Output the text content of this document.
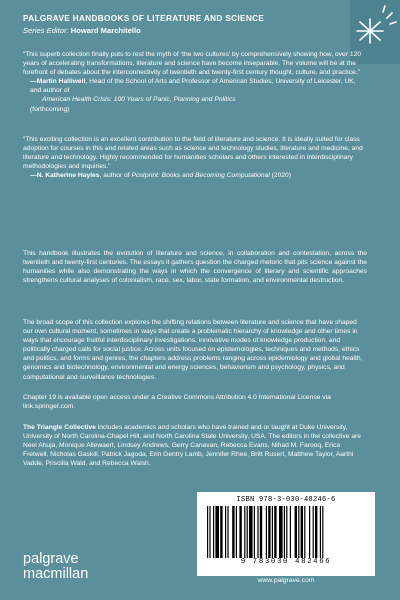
PALGRAVE HANDBOOKS OF LITERATURE AND SCIENCE
Series Editor: Howard Marchitello

“This superb collection finally puts to rest the myth of ‘the two cultures’ by comprehensively showing how, over 120 years of accelerating transformations, literature and science have become inseparable. The volume will be at the forefront of debates about the interconnectivity of twentieth and twenty-first century thought, culture, and practice.”

—Martin Halliwell, Head of the School of Arts and Professor of American Studies, University of Leicester, UK, and author of
American Health Crisis: 100 Years of Panic, Planning and Politics
(forthcoming)

“This exciting collection is an excellent contribution to the field of literature and science. It is ideally suited for class adoption for courses in this and related areas such as science and technology studies, literature and medicine, and literature and technology. Highly recommended for humanities scholars and others interested in interdisciplinary methodologies and inquiries.”

—N. Katherine Hayles, author of Postprint: Books and Becoming Computational (2020)

This handbook illustrates the evolution of literature and science, in collaboration and contestation, across the twentieth and twenty-first centuries. The essays it gathers question the charged rhetoric that pits science against the humanities while also demonstrating the ways in which the convergence of literary and scientific approaches strengthens cultural analyses of colonialism, race, sex, labor, state formation, and environmental destruction.

The broad scope of this collection explores the shifting relations between literature and science that have shaped our own cultural moment, sometimes in ways that create a problematic hierarchy of knowledge and other times in ways that encourage fruitful interdisciplinary investigations, innovative modes of knowledge production, and politically charged calls for social justice. Across units focused on epistemologies, techniques and methods, ethics and politics, and forms and genres, the chapters address problems ranging across epidemiology and global health, genomics and biotechnology, environmental and energy sciences, behaviorism and psychology, physics, and computational and surveillance technologies.

Chapter 19 is available open access under a Creative Commons Attribution 4.0 International License via link.springer.com.

The Triangle Collective includes academics and scholars who have trained and or taught at Duke University, University of North Carolina-Chapel Hill, and North Carolina State University, USA. The editors in the collective are Neel Ahuja, Monique Allewaert, Lindsey Andrews, Gerry Canavan, Rebecca Evans, Nihad M. Farooq, Erica Fretwell, Nicholas Gaskill, Patrick Jagoda, Erin Gentry Lamb, Jennifer Rhee, Britt Rusert, Matthew Taylor, Aarthi Vadde, Priscilla Wald, and Rebecca Walsh.

ISBN 978-3-030-48246-6
9 783030 482466
www.palgrave.com
palgrave
macmillan
